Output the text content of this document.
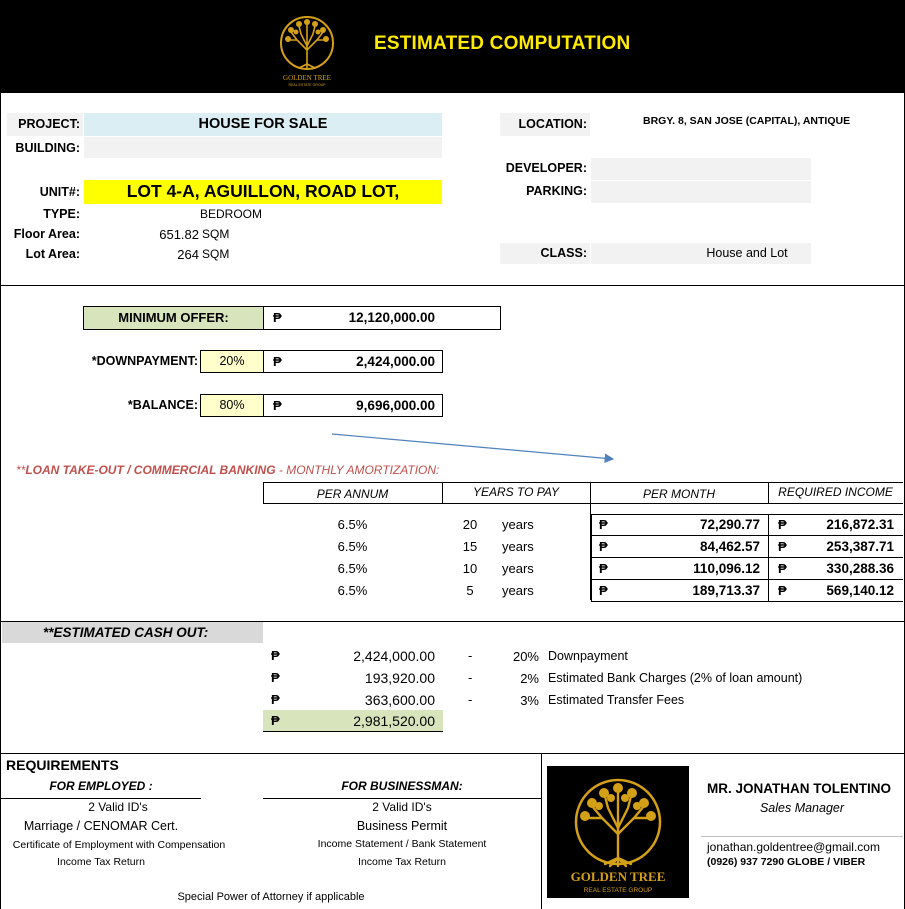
GOLDEN TREE
REAL ESTATE GROUP
ESTIMATED COMPUTATION
PROJECT:	HOUSE FOR SALE
BUILDING:
UNIT#:	LOT 4-A, AGUILLON, ROAD LOT,
TYPE:	BEDROOM
Floor Area:	651.82 SQM
Lot Area:	264 SQM
LOCATION:	BRGY. 8, SAN JOSE (CAPITAL), ANTIQUE
DEVELOPER:
PARKING:
CLASS:	House and Lot
MINIMUM OFFER:	₱	12,120,000.00
*DOWNPAYMENT:	20%	₱	2,424,000.00
*BALANCE:	80%	₱	9,696,000.00
**LOAN TAKE-OUT / COMMERCIAL BANKING - MONTHLY AMORTIZATION:
PER ANNUM	YEARS TO PAY	PER MONTH	REQUIRED INCOME
6.5%	20	years	₱	72,290.77 ₱	216,872.31
6.5%	15	years	₱	84,462.57 ₱	253,387.71
6.5%	10	years	₱	110,096.12 ₱	330,288.36
6.5%	5	years	₱	189,713.37 ₱	569,140.12
**ESTIMATED CASH OUT:
₱	2,424,000.00	-	20% Downpayment
₱	193,920.00	-	2% Estimated Bank Charges (2% of loan amount)
₱	363,600.00	-	3% Estimated Transfer Fees
₱	2,981,520.00
REQUIREMENTS
FOR EMPLOYED :	FOR BUSINESSMAN:
2 Valid ID's
Marriage / CENOMAR Cert.
Certificate of Employment with Compensation
Income Tax Return
2 Valid ID's
Business Permit
Income Statement / Bank Statement
Income Tax Return
Special Power of Attorney if applicable
GOLDEN TREE
REAL ESTATE GROUP
MR. JONATHAN TOLENTINO
Sales Manager
jonathan.goldentree@gmail.com
(0926) 937 7290 GLOBE / VIBER
